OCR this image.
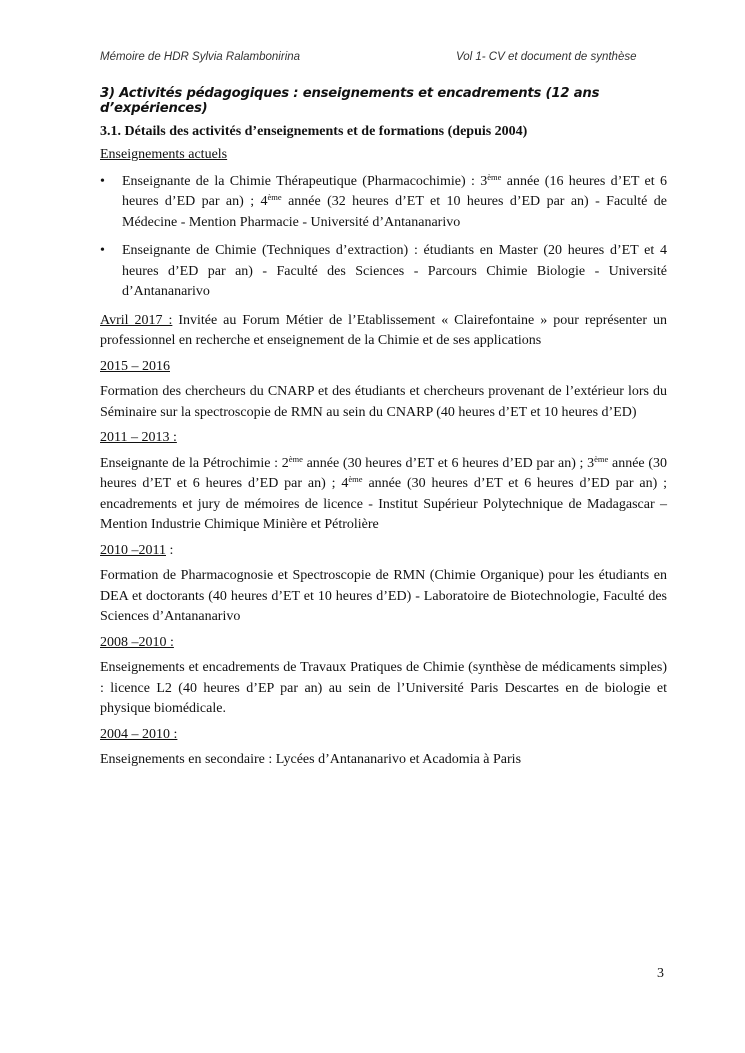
Mémoire de HDR Sylvia Ralambonirina	Vol 1- CV et document de synthèse
3) Activités pédagogiques : enseignements et encadrements (12 ans d’expériences)
3.1. Détails des activités d’enseignements et de formations (depuis 2004)

Enseignements actuels

• Enseignante de la Chimie Thérapeutique (Pharmacochimie) : 3ème année (16 heures d’ET et 6 heures d’ED par an) ; 4ème année (32 heures d’ET et 10 heures d’ED par an) - Faculté de Médecine - Mention Pharmacie - Université d’Antananarivo
• Enseignante de Chimie (Techniques d’extraction) : étudiants en Master (20 heures d’ET et 4 heures d’ED par an) - Faculté des Sciences - Parcours Chimie Biologie - Université d’Antananarivo

Avril 2017 : Invitée au Forum Métier de l’Etablissement « Clairefontaine » pour représenter un professionnel en recherche et enseignement de la Chimie et de ses applications

2015 – 2016

Formation des chercheurs du CNARP et des étudiants et chercheurs provenant de l’extérieur lors du Séminaire sur la spectroscopie de RMN au sein du CNARP (40 heures d’ET et 10 heures d’ED)

2011 – 2013 :

Enseignante de la Pétrochimie : 2ème année (30 heures d’ET et 6 heures d’ED par an) ; 3ème année (30 heures d’ET et 6 heures d’ED par an) ; 4ème année (30 heures d’ET et 6 heures d’ED par an) ; encadrements et jury de mémoires de licence - Institut Supérieur Polytechnique de Madagascar – Mention Industrie Chimique Minière et Pétrolière

2010 –2011 :

Formation de Pharmacognosie et Spectroscopie de RMN (Chimie Organique) pour les étudiants en DEA et doctorants (40 heures d’ET et 10 heures d’ED) - Laboratoire de Biotechnologie, Faculté des Sciences d’Antananarivo

2008 –2010 :

Enseignements et encadrements de Travaux Pratiques de Chimie (synthèse de médicaments simples) : licence L2 (40 heures d’EP par an) au sein de l’Université Paris Descartes en de biologie et physique biomédicale.

2004 – 2010 :

Enseignements en secondaire : Lycées d’Antananarivo et Acadomia à Paris

3
